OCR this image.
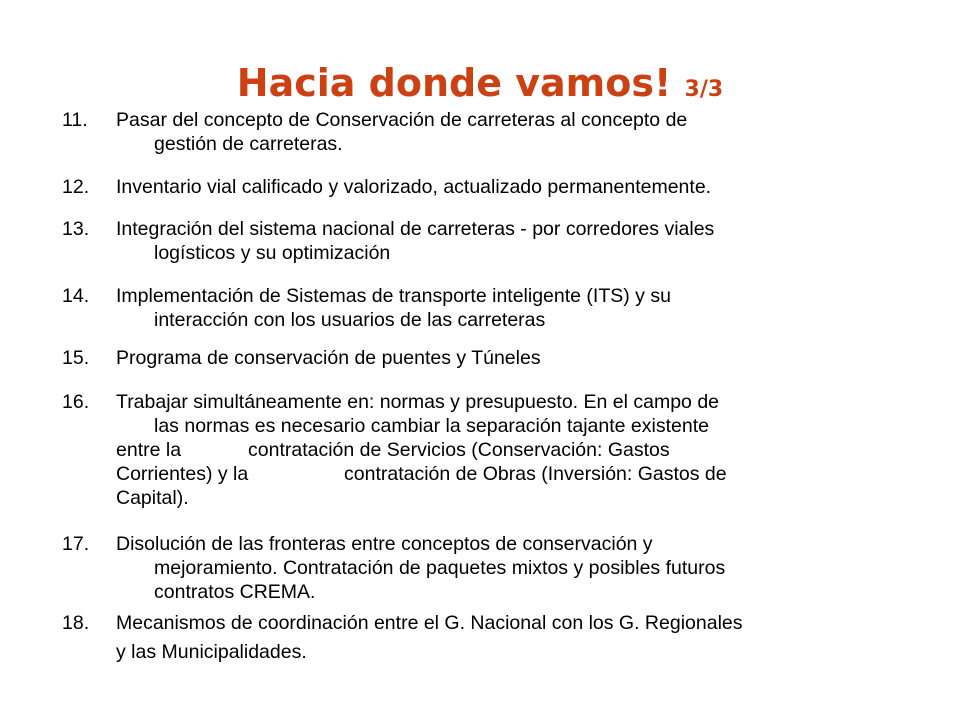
Hacia donde vamos! 3/3
11. Pasar del concepto de Conservación de carreteras al concepto de
gestión de carreteras.
12. Inventario vial calificado y valorizado, actualizado permanentemente.
13. Integración del sistema nacional de carreteras - por corredores viales
logísticos y su optimización
14. Implementación de Sistemas de transporte inteligente (ITS) y su
interacción con los usuarios de las carreteras
15. Programa de conservación de puentes y Túneles
16. Trabajar simultáneamente en: normas y presupuesto. En el campo de
las normas es necesario cambiar la separación tajante existente
entre la	contratación de Servicios (Conservación: Gastos
Corrientes) y la	contratación de Obras (Inversión: Gastos de
Capital).
17. Disolución de las fronteras entre conceptos de conservación y
mejoramiento. Contratación de paquetes mixtos y posibles futuros
contratos CREMA.
18. Mecanismos de coordinación entre el G. Nacional con los G. Regionales
y las Municipalidades.
